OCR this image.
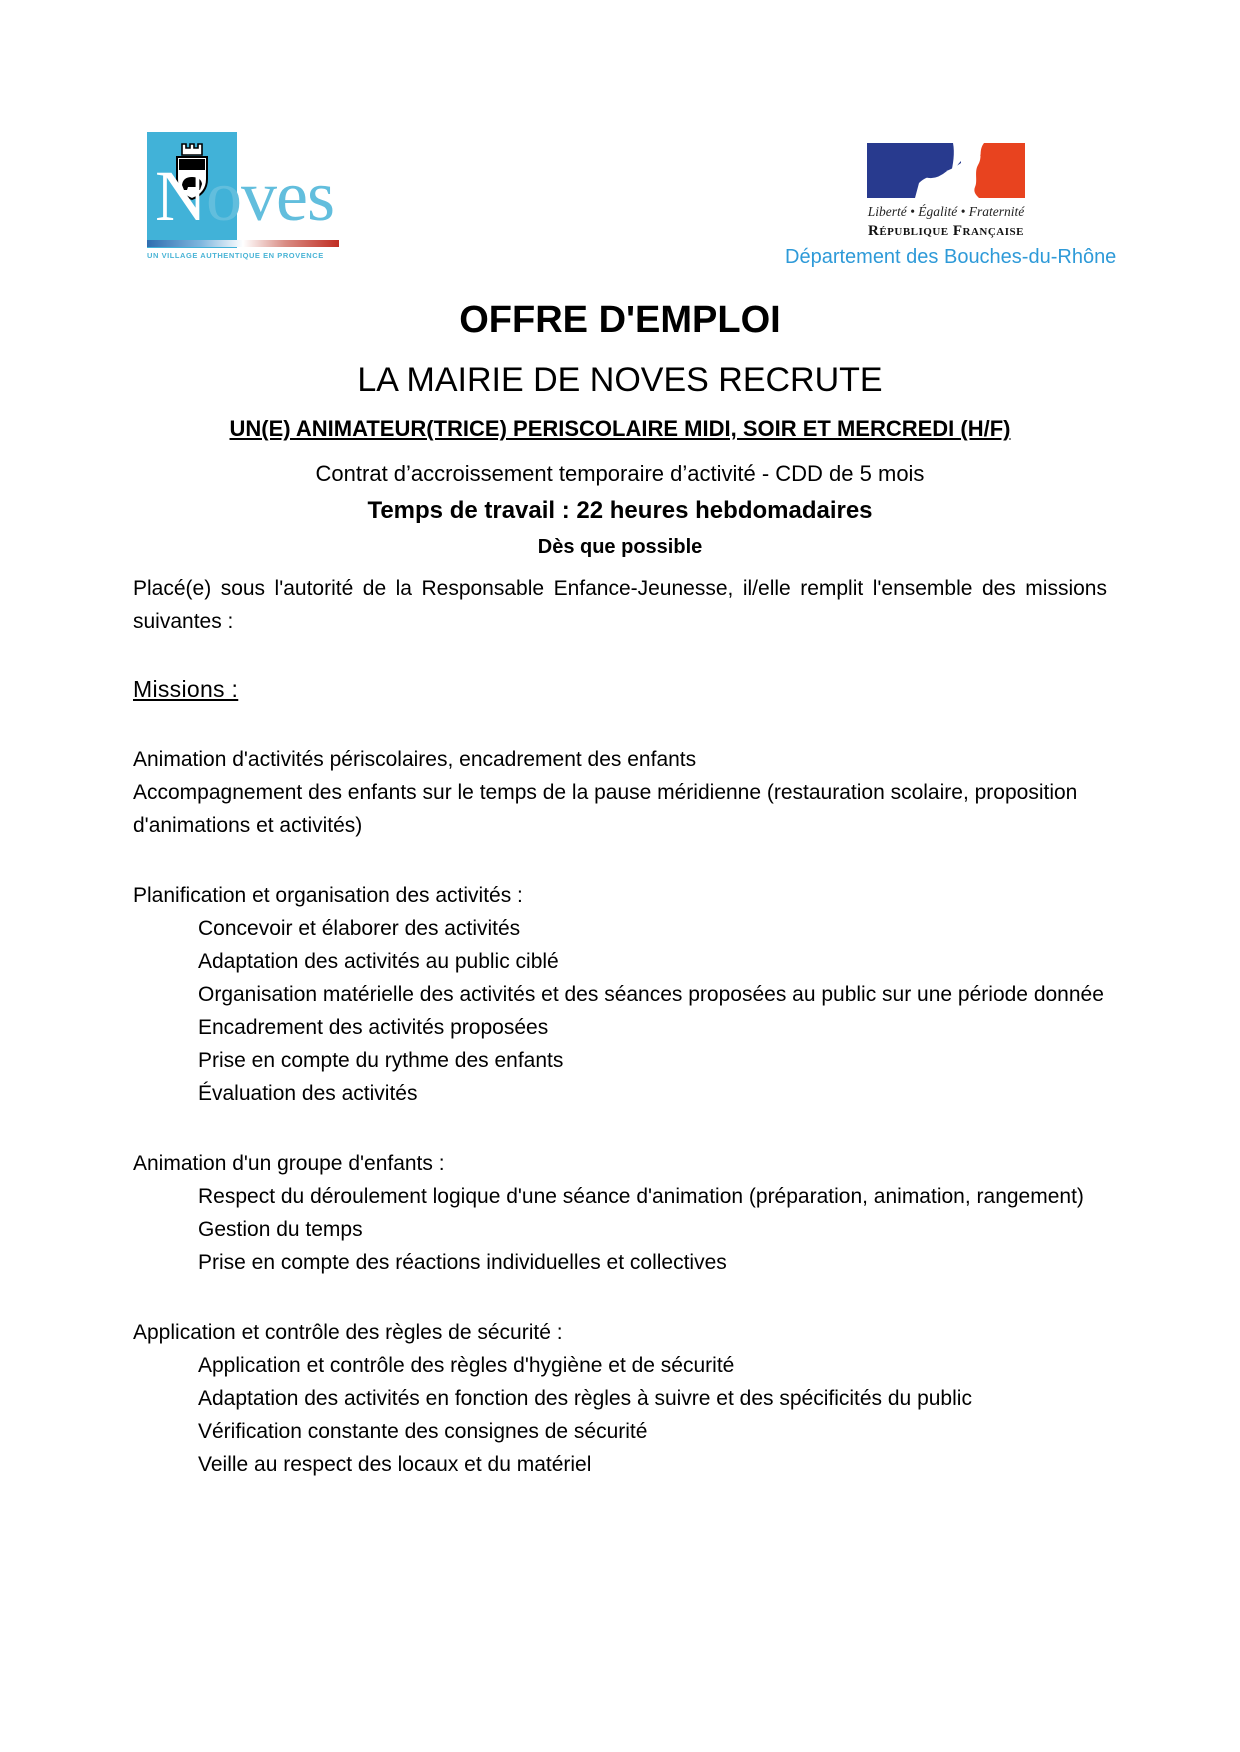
Noves
UN VILLAGE AUTHENTIQUE EN PROVENCE
Liberté • Égalité • Fraternité
République Française
Département des Bouches-du-Rhône
OFFRE D'EMPLOI
LA MAIRIE DE NOVES RECRUTE
UN(E) ANIMATEUR(TRICE) PERISCOLAIRE MIDI, SOIR ET MERCREDI (H/F)
Contrat d’accroissement temporaire d’activité - CDD de 5 mois
Temps de travail : 22 heures hebdomadaires
Dès que possible

Placé(e) sous l'autorité de la Responsable Enfance-Jeunesse, il/elle remplit l'ensemble des missions suivantes :

Missions :
Animation d'activités périscolaires, encadrement des enfants
Accompagnement des enfants sur le temps de la pause méridienne (restauration scolaire, proposition d'animations et activités)
Planification et organisation des activités :
Concevoir et élaborer des activités
Adaptation des activités au public ciblé
Organisation matérielle des activités et des séances proposées au public sur une période donnée
Encadrement des activités proposées
Prise en compte du rythme des enfants
Évaluation des activités
Animation d'un groupe d'enfants :
Respect du déroulement logique d'une séance d'animation (préparation, animation, rangement)
Gestion du temps
Prise en compte des réactions individuelles et collectives
Application et contrôle des règles de sécurité :
Application et contrôle des règles d'hygiène et de sécurité
Adaptation des activités en fonction des règles à suivre et des spécificités du public
Vérification constante des consignes de sécurité
Veille au respect des locaux et du matériel
